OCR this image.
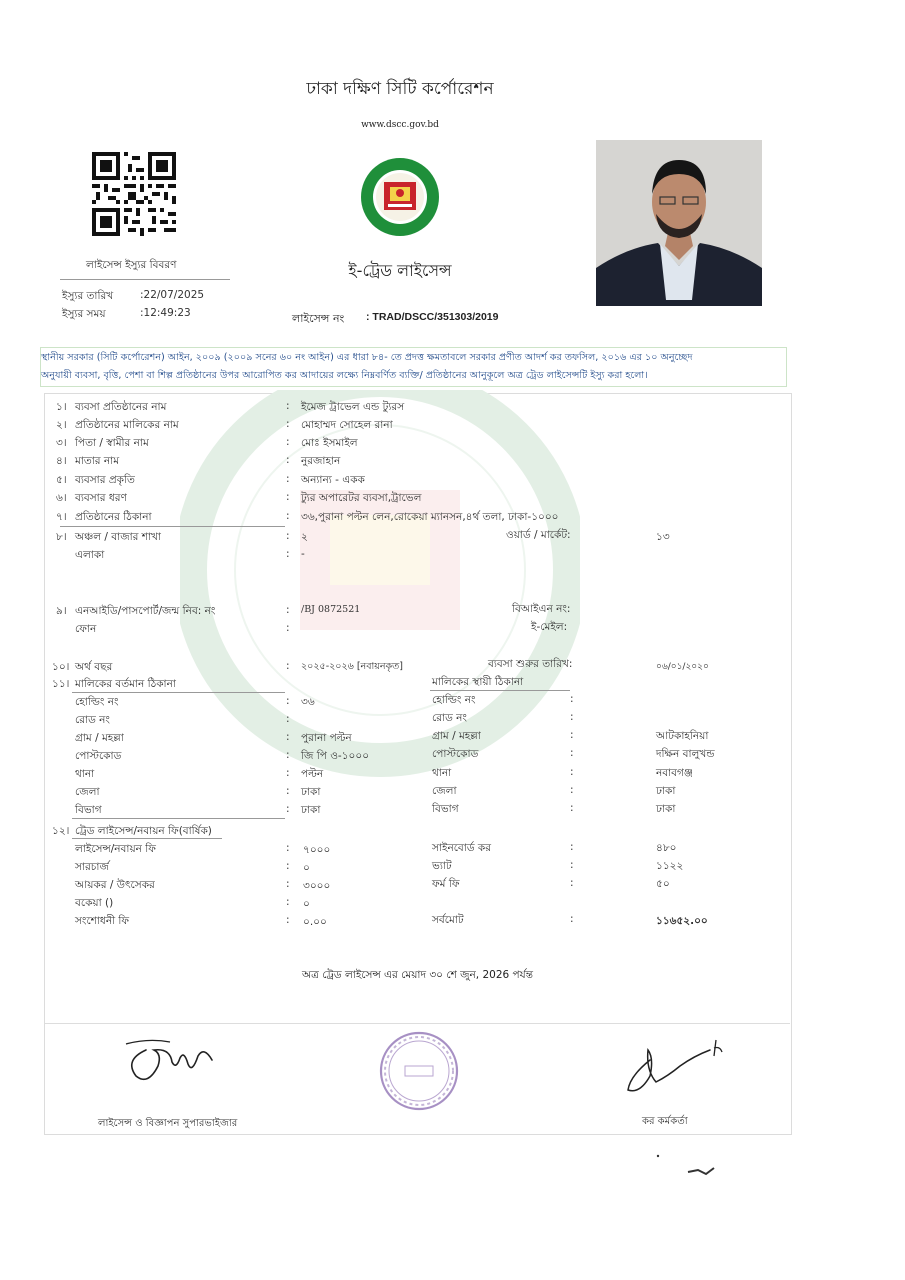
ঢাকা দক্ষিণ সিটি কর্পোরেশন
www.dscc.gov.bd
লাইসেন্স ইস্যুর বিবরণ
ইস্যুর তারিখ	:22/07/2025
ইস্যুর সময়	:12:49:23
ই-ট্রেড লাইসেন্স
লাইসেন্স নং : TRAD/DSCC/351303/2019
স্থানীয় সরকার (সিটি কর্পোরেশন) আইন, ২০০৯ (২০০৯ সনের ৬০ নং আইন) এর ধারা ৮৪- তে প্রদত্ত ক্ষমতাবলে সরকার প্রণীত আদর্শ কর তফসিল, ২০১৬ এর ১০ অনুচ্ছেদ
অনুযায়ী ব্যবসা, বৃত্তি, পেশা বা শিল্প প্রতিষ্ঠানের উপর আরোপিত কর আদায়ের লক্ষ্যে নিম্নবর্ণিত ব্যক্তি/ প্রতিষ্ঠানের আনুকূলে অত্র ট্রেড লাইসেন্সটি ইস্যু করা হলো।
১। ব্যবসা প্রতিষ্ঠানের নাম	: ইমেজ ট্রাভেল এন্ড ট্যুরস
২। প্রতিষ্ঠানের মালিকের নাম	: মোহাম্মদ সোহেল রানা
৩। পিতা / স্বামীর নাম	: মোঃ ইসমাইল
৪। মাতার নাম	: নুরজাহান
৫। ব্যবসার প্রকৃতি	: অন্যান্য - একক
৬। ব্যবসার ধরণ	: ট্যুর অপারেটর ব্যবসা,ট্রাভেল
৭। প্রতিষ্ঠানের ঠিকানা	: ৩৬,পুরানা পল্টন লেন,রোকেয়া ম্যানসন,৪র্থ তলা, ঢাকা-১০০০
৮। অঞ্চল / বাজার শাখা	: ২	ওয়ার্ড / মার্কেট:	১৩
এলাকা	: -
৯। এনআইডি/পাসপোর্ট/জন্ম নিব: নং	: /BJ 0872521	বিআইএন নং:
ফোন	:	ই-মেইল:
১০। অর্থ বছর	: ২০২৫-২০২৬ [নবায়নকৃত]	ব্যবসা শুরুর তারিখ:	০৬/০১/২০২০
১১। মালিকের বর্তমান ঠিকানা	মালিকের স্থায়ী ঠিকানা
হোল্ডিং নং	: ৩৬	হোল্ডিং নং	:
রোড নং	:	রোড নং	:
গ্রাম / মহল্লা	: পুরানা পল্টন	গ্রাম / মহল্লা	:	আটকাহনিয়া
পোস্টকোড	: জি পি ও-১০০০	পোস্টকোড	:	দক্ষিন বালুখন্ড
থানা	: পল্টন	থানা	:	নবাবগঞ্জ
জেলা	: ঢাকা	জেলা	:	ঢাকা
বিভাগ	: ঢাকা	বিভাগ	:	ঢাকা
১২। ট্রেড লাইসেন্স/নবায়ন ফি(বার্ষিক)
লাইসেন্স/নবায়ন ফি	: ৭০০০	সাইনবোর্ড কর	:	৪৮০
সারচার্জ	: ০	ভ্যাট	:	১১২২
আয়কর / উৎসেকর	: ৩০০০	ফর্ম ফি	:	৫০
বকেয়া ()	: ০
সংশোধনী ফি	: ০.০০	সর্বমোট	:	১১৬৫২.০০
অত্র ট্রেড লাইসেন্স এর মেয়াদ ৩০ শে জুন, 2026 পর্যন্ত
লাইসেন্স ও বিজ্ঞাপন সুপারভাইজার	কর কর্মকর্তা
